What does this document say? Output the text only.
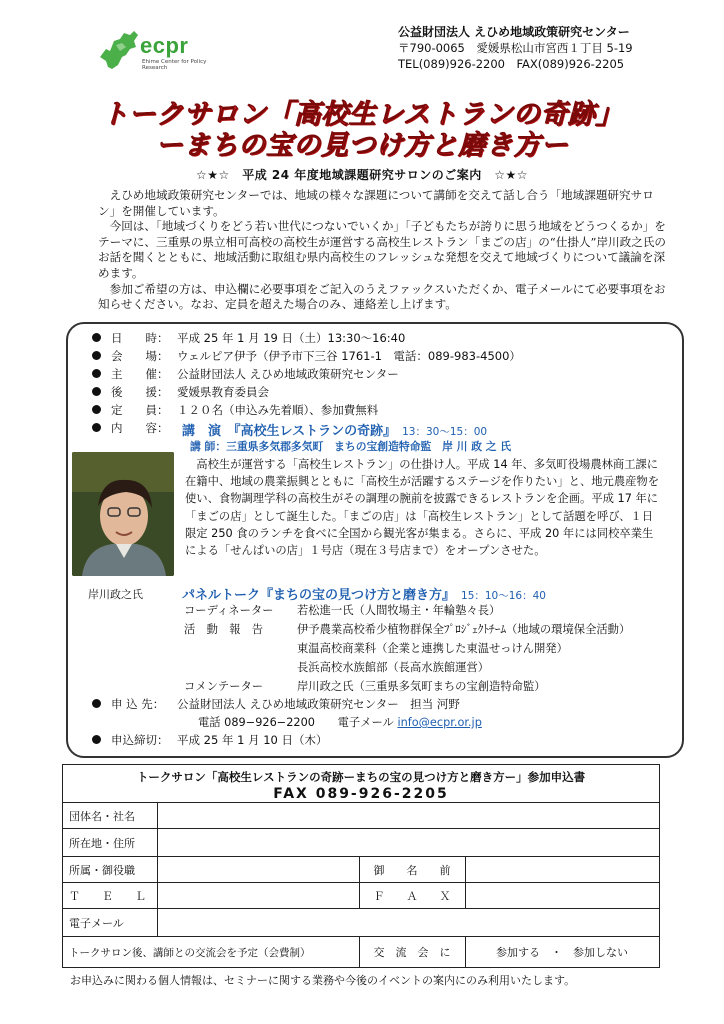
ecpr
Ehime Center for Policy Research
公益財団法人 えひめ地域政策研究センター
〒790-0065　愛媛県松山市宮西１丁目 5-19
TEL(089)926-2200　FAX(089)926-2205
トークサロン「高校生レストランの奇跡」
ーまちの宝の見つけ方と磨き方ー
☆★☆　平成 24 年度地域課題研究サロンのご案内　☆★☆

えひめ地域政策研究センターでは、地域の様々な課題について講師を交えて話し合う「地域課題研究サロン」を開催しています。

今回は、「地域づくりをどう若い世代につないでいくか」「子どもたちが誇りに思う地域をどうつくるか」をテーマに、三重県の県立相可高校の高校生が運営する高校生レストラン「まごの店」の“仕掛人”岸川政之氏のお話を聞くとともに、地域活動に取組む県内高校生のフレッシュな発想を交えて地域づくりについて議論を深めます。

参加ご希望の方は、申込欄に必要事項をご記入のうえファックスいただくか、電子メールにて必要事項をお知らせください。なお、定員を超えた場合のみ、連絡差し上げます。

日　　時： 平成 25 年 1 月 19 日（土）13:30〜16:40
会　　場： ウェルピア伊予（伊予市下三谷 1761-1　電話：089-983-4500）
主　　催： 公益財団法人 えひめ地域政策研究センター
後　　援： 愛媛県教育委員会
定　　員： １２０名（申込み先着順）、参加費無料
内　　容：	講　演　『高校生レストランの奇跡』 13：30〜15：00
講 師：三重県多気郡多気町　まちの宝創造特命監　岸 川 政 之 氏
岸川政之氏

高校生が運営する「高校生レストラン」の仕掛け人。平成 14 年、多気町役場農林商工課に在籍中、地域の農業振興とともに「高校生が活躍するステージを作りたい」と、地元農産物を使い、食物調理学科の高校生がその調理の腕前を披露できるレストランを企画。平成 17 年に「まごの店」として誕生した。「まごの店」は「高校生レストラン」として話題を呼び、１日限定 250 食のランチを食べに全国から観光客が集まる。さらに、平成 20 年には同校卒業生による「せんぱいの店」１号店（現在３号店まで）をオープンさせた。

パネルトーク『まちの宝の見つけ方と磨き方』 15：10〜16：40
コーディネーター 若松進一氏（人間牧場主・年輪塾々長）
活　動　報　告	伊予農業高校希少植物群保全ﾌﾟﾛｼﾞｪｸﾄﾁｰﾑ（地域の環境保全活動）
東温高校商業科（企業と連携した東温せっけん開発）
長浜高校水族館部（長高水族館運営）
コメンテーター	岸川政之氏（三重県多気町まちの宝創造特命監）
申 込 先： 公益財団法人 えひめ地域政策研究センター　担当 河野
電話 089−926−2200　　電子メール info@ecpr.or.jp
申込締切： 平成 25 年 1 月 10 日（木）
トークサロン「高校生レストランの奇跡ーまちの宝の見つけ方と磨き方ー」参加申込書
FAX 089-926-2205
団体名・社名
所在地・住所
所属・御役職	御　　名　　前
Ｔ　　Ｅ　　Ｌ	Ｆ　　Ａ　　Ｘ
電子メール
トークサロン後、講師との交流会を予定（会費制）	交　流　会　に	参加する　・　参加しない
お申込みに関わる個人情報は、セミナーに関する業務や今後のイベントの案内にのみ利用いたします。
